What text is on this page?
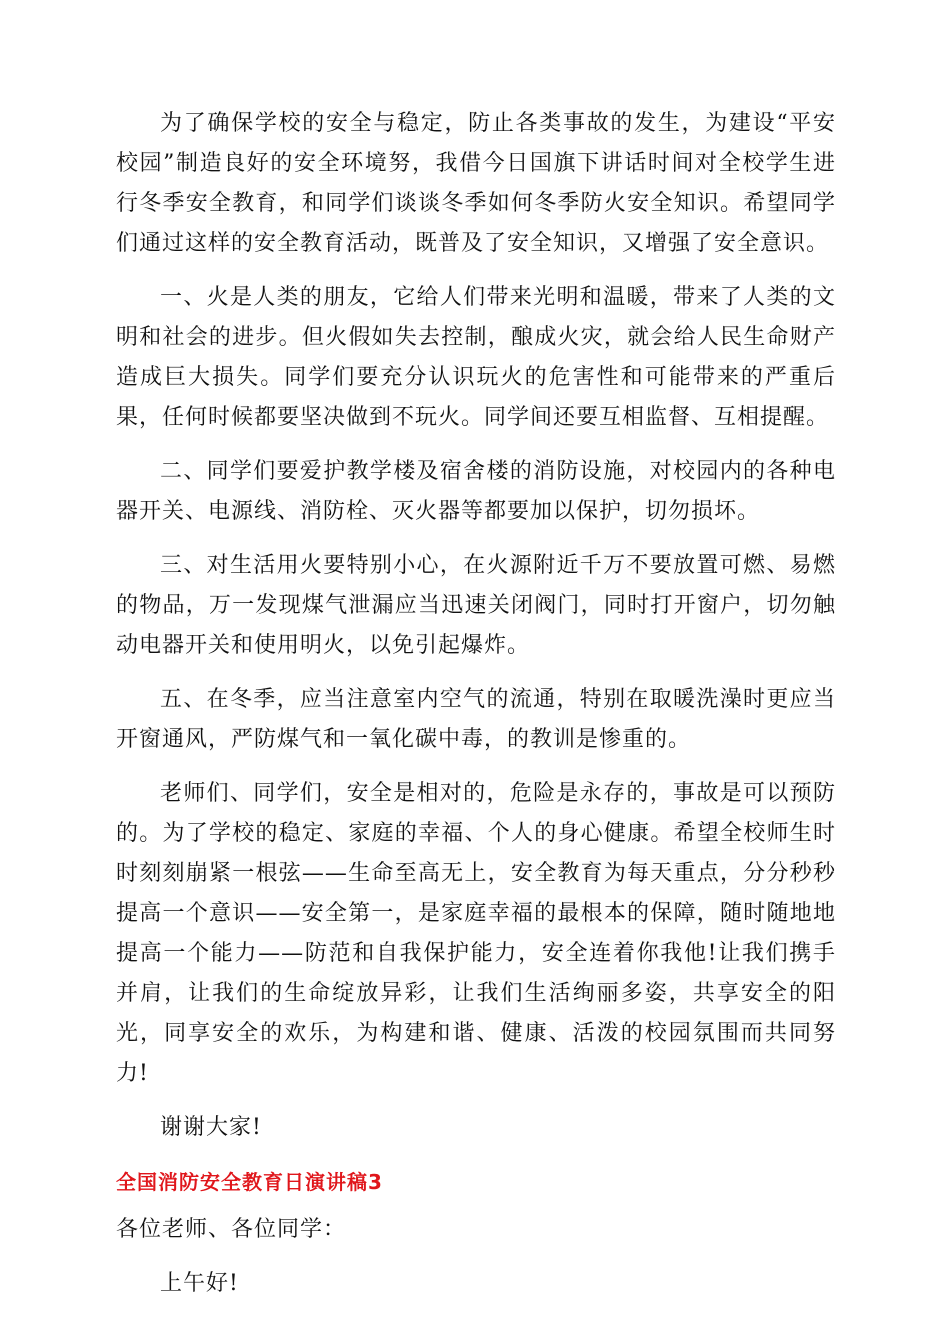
为了确保学校的安全与稳定，防止各类事故的发生，为建设“平安校园”制造良好的安全环境努，我借今日国旗下讲话时间对全校学生进行冬季安全教育，和同学们谈谈冬季如何冬季防火安全知识。希望同学们通过这样的安全教育活动，既普及了安全知识，又增强了安全意识。

一、火是人类的朋友，它给人们带来光明和温暖，带来了人类的文明和社会的进步。但火假如失去控制，酿成火灾，就会给人民生命财产造成巨大损失。同学们要充分认识玩火的危害性和可能带来的严重后果，任何时候都要坚决做到不玩火。同学间还要互相监督、互相提醒。

二、同学们要爱护教学楼及宿舍楼的消防设施，对校园内的各种电器开关、电源线、消防栓、灭火器等都要加以保护，切勿损坏。

三、对生活用火要特别小心，在火源附近千万不要放置可燃、易燃的物品，万一发现煤气泄漏应当迅速关闭阀门，同时打开窗户，切勿触动电器开关和使用明火，以免引起爆炸。

五、在冬季，应当注意室内空气的流通，特别在取暖洗澡时更应当开窗通风，严防煤气和一氧化碳中毒，的教训是惨重的。

老师们、同学们，安全是相对的，危险是永存的，事故是可以预防的。为了学校的稳定、家庭的幸福、个人的身心健康。希望全校师生时时刻刻崩紧一根弦——生命至高无上，安全教育为每天重点，分分秒秒提高一个意识——安全第一，是家庭幸福的最根本的保障，随时随地地提高一个能力——防范和自我保护能力，安全连着你我他!让我们携手并肩，让我们的生命绽放异彩，让我们生活绚丽多姿，共享安全的阳光，同享安全的欢乐，为构建和谐、健康、活泼的校园氛围而共同努力!

谢谢大家!

全国消防安全教育日演讲稿3

各位老师、各位同学：

上午好!
